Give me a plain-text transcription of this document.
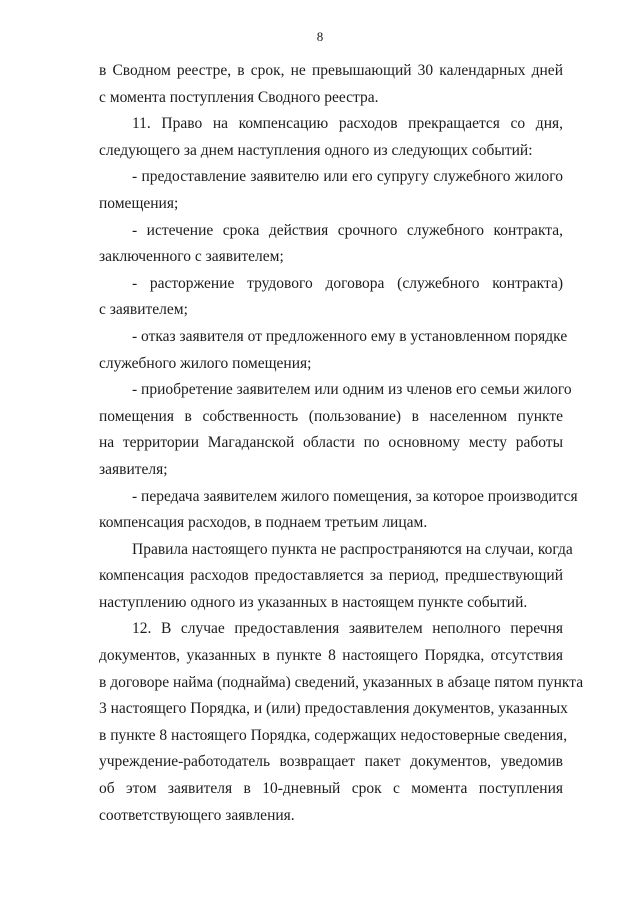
8
в Сводном реестре, в срок, не превышающий 30 календарных дней
с момента поступления Сводного реестра.
11. Право на компенсацию расходов прекращается со дня,
следующего за днем наступления одного из следующих событий:
- предоставление заявителю или его супругу служебного жилого
помещения;
- истечение срока действия срочного служебного контракта,
заключенного с заявителем;
- расторжение трудового договора (служебного контракта)
с заявителем;
- отказ заявителя от предложенного ему в установленном порядке
служебного жилого помещения;
- приобретение заявителем или одним из членов его семьи жилого
помещения в собственность (пользование) в населенном пункте
на территории Магаданской области по основному месту работы
заявителя;
- передача заявителем жилого помещения, за которое производится
компенсация расходов, в поднаем третьим лицам.
Правила настоящего пункта не распространяются на случаи, когда
компенсация расходов предоставляется за период, предшествующий
наступлению одного из указанных в настоящем пункте событий.
12. В случае предоставления заявителем неполного перечня
документов, указанных в пункте 8 настоящего Порядка, отсутствия
в договоре найма (поднайма) сведений, указанных в абзаце пятом пункта
3 настоящего Порядка, и (или) предоставления документов, указанных
в пункте 8 настоящего Порядка, содержащих недостоверные сведения,
учреждение-работодатель возвращает пакет документов, уведомив
об этом заявителя в 10-дневный срок с момента поступления
соответствующего заявления.
